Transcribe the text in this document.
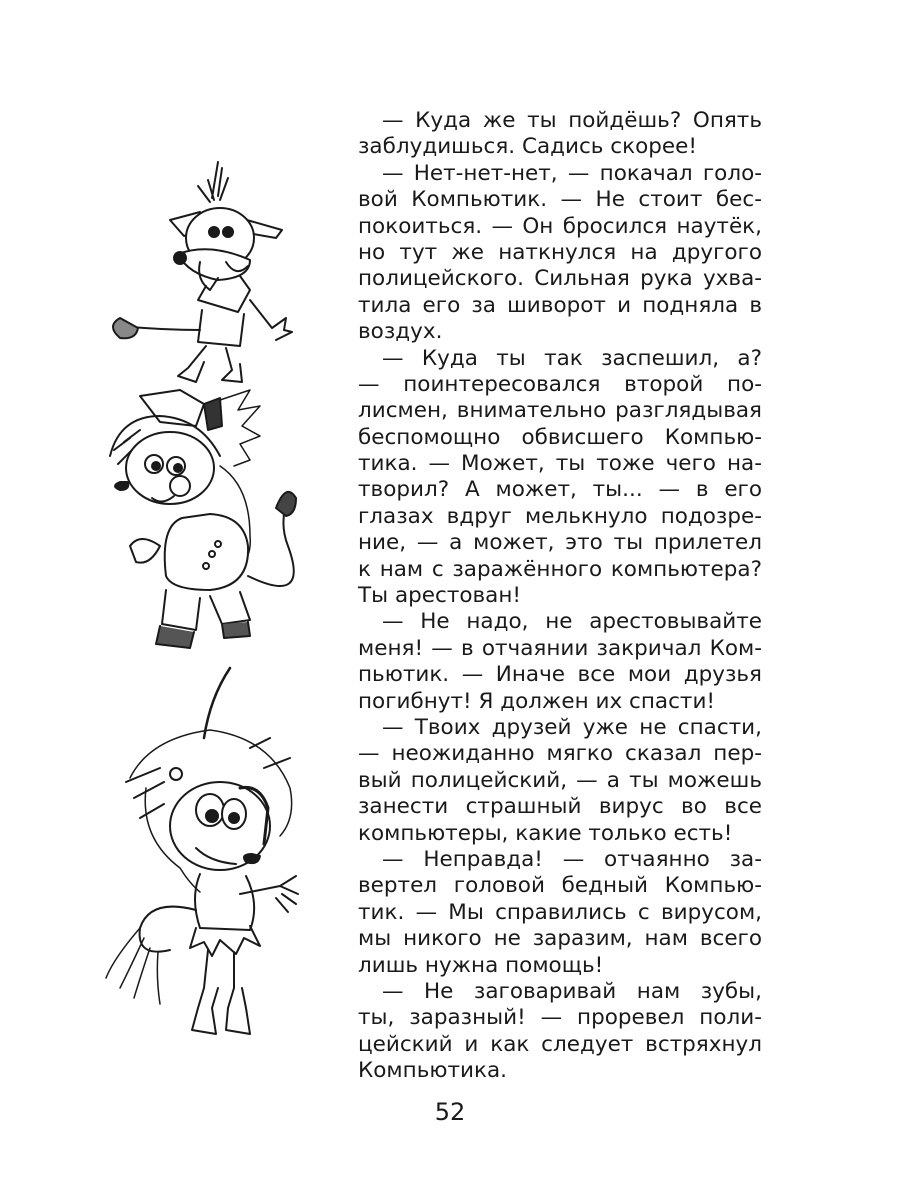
— Куда же ты пойдёшь? Опять
заблудишься. Садись скорее!
— Нет-нет-нет, — покачал голо-
вой Компьютик. — Не стоит бес-
покоиться. — Он бросился наутёк,
но тут же наткнулся на другого
полицейского. Сильная рука ухва-
тила его за шиворот и подняла в
воздух.
— Куда ты так заспешил, а?
— поинтересовался второй по-
лисмен, внимательно разглядывая
беспомощно обвисшего Компью-
тика. — Может, ты тоже чего на-
творил? А может, ты... — в его
глазах вдруг мелькнуло подозре-
ние, — а может, это ты прилетел
к нам с заражённого компьютера?
Ты арестован!
— Не надо, не арестовывайте
меня! — в отчаянии закричал Ком-
пьютик. — Иначе все мои друзья
погибнут! Я должен их спасти!
— Твоих друзей уже не спасти,
— неожиданно мягко сказал пер-
вый полицейский, — а ты можешь
занести страшный вирус во все
компьютеры, какие только есть!
— Неправда! — отчаянно за-
вертел головой бедный Компью-
тик. — Мы справились с вирусом,
мы никого не заразим, нам всего
лишь нужна помощь!
— Не заговаривай нам зубы,
ты, заразный! — проревел поли-
цейский и как следует встряхнул
Компьютика.
52
